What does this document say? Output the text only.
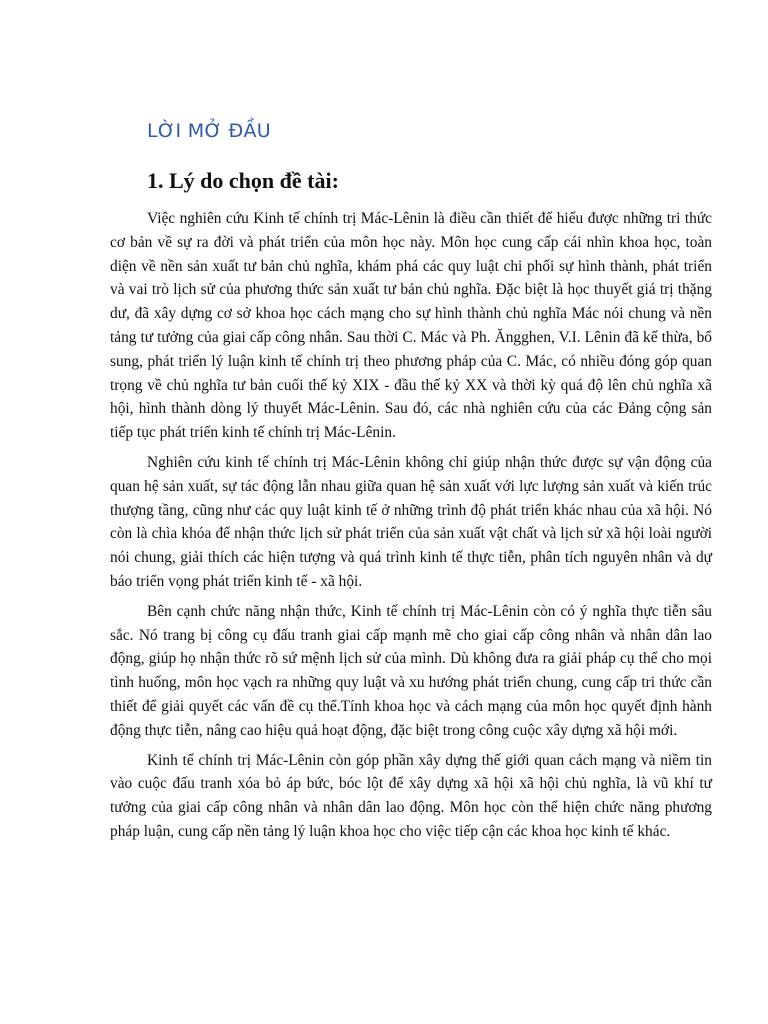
LỜI MỞ ĐẦU
1. Lý do chọn đề tài:

Việc nghiên cứu Kinh tế chính trị Mác-Lênin là điều cần thiết để hiểu được những tri thức cơ bản về sự ra đời và phát triển của môn học này. Môn học cung cấp cái nhìn khoa học, toàn diện về nền sản xuất tư bản chủ nghĩa, khám phá các quy luật chi phối sự hình thành, phát triển và vai trò lịch sử của phương thức sản xuất tư bản chủ nghĩa. Đặc biệt là học thuyết giá trị thặng dư, đã xây dựng cơ sở khoa học cách mạng cho sự hình thành chủ nghĩa Mác nói chung và nền tảng tư tưởng của giai cấp công nhân. Sau thời C. Mác và Ph. Ăngghen, V.I. Lênin đã kế thừa, bổ sung, phát triển lý luận kinh tế chính trị theo phương pháp của C. Mác, có nhiều đóng góp quan trọng về chủ nghĩa tư bản cuối thế kỷ XIX - đầu thế kỷ XX và thời kỳ quá độ lên chủ nghĩa xã hội, hình thành dòng lý thuyết Mác-Lênin. Sau đó, các nhà nghiên cứu của các Đảng cộng sản tiếp tục phát triển kinh tế chính trị Mác-Lênin.

Nghiên cứu kinh tế chính trị Mác-Lênin không chỉ giúp nhận thức được sự vận động của quan hệ sản xuất, sự tác động lẫn nhau giữa quan hệ sản xuất với lực lượng sản xuất và kiến trúc thượng tầng, cũng như các quy luật kinh tế ở những trình độ phát triển khác nhau của xã hội. Nó còn là chìa khóa để nhận thức lịch sử phát triển của sản xuất vật chất và lịch sử xã hội loài người nói chung, giải thích các hiện tượng và quá trình kinh tế thực tiễn, phân tích nguyên nhân và dự báo triển vọng phát triển kinh tế - xã hội.

Bên cạnh chức năng nhận thức, Kinh tế chính trị Mác-Lênin còn có ý nghĩa thực tiễn sâu sắc. Nó trang bị công cụ đấu tranh giai cấp mạnh mẽ cho giai cấp công nhân và nhân dân lao động, giúp họ nhận thức rõ sứ mệnh lịch sử của mình. Dù không đưa ra giải pháp cụ thể cho mọi tình huống, môn học vạch ra những quy luật và xu hướng phát triển chung, cung cấp tri thức cần thiết để giải quyết các vấn đề cụ thể.Tính khoa học và cách mạng của môn học quyết định hành động thực tiễn, nâng cao hiệu quả hoạt động, đặc biệt trong công cuộc xây dựng xã hội mới.

Kinh tế chính trị Mác-Lênin còn góp phần xây dựng thế giới quan cách mạng và niềm tin vào cuộc đấu tranh xóa bỏ áp bức, bóc lột để xây dựng xã hội xã hội chủ nghĩa, là vũ khí tư tưởng của giai cấp công nhân và nhân dân lao động. Môn học còn thể hiện chức năng phương pháp luận, cung cấp nền tảng lý luận khoa học cho việc tiếp cận các khoa học kinh tế khác.
